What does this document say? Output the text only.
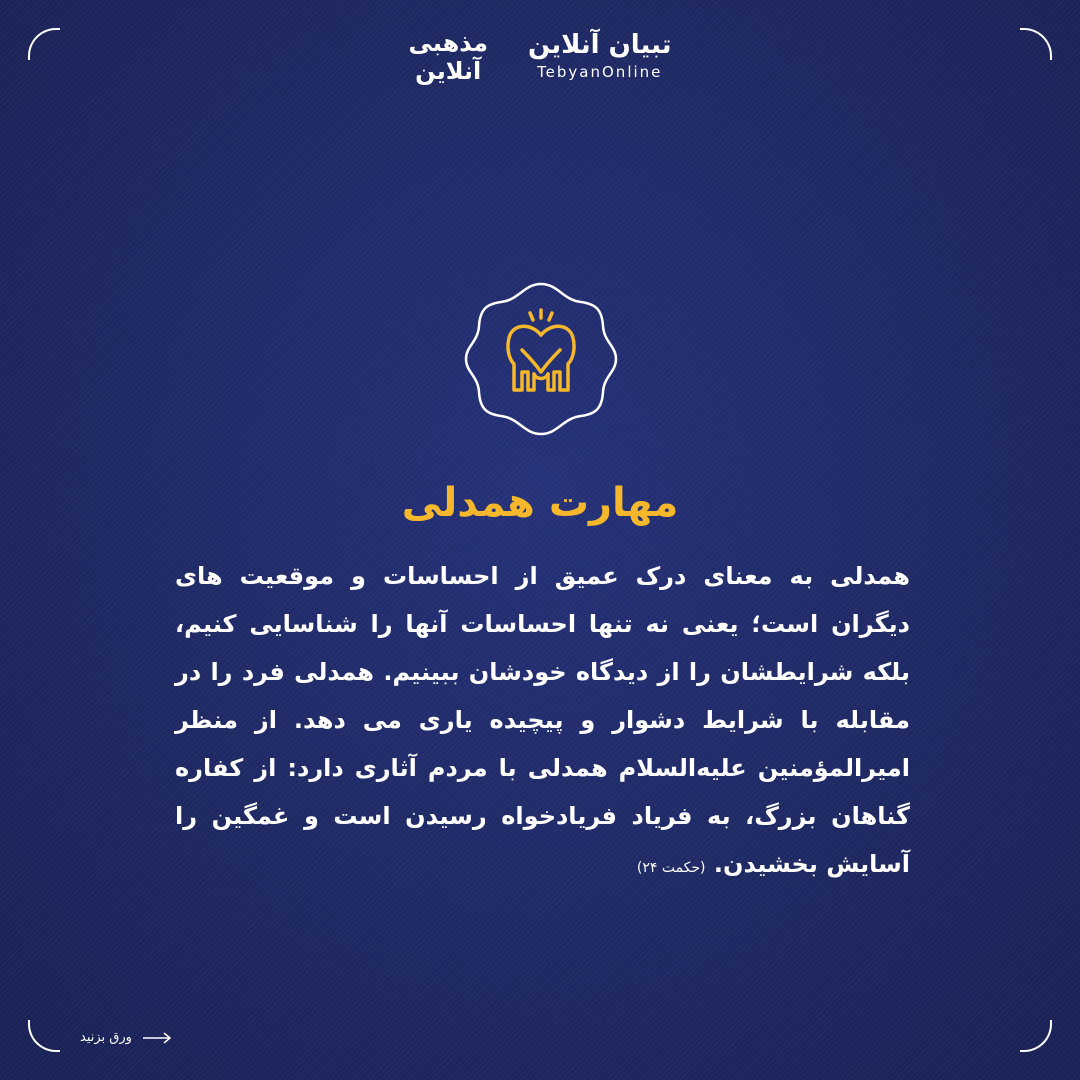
مذهبی
آنلاین
تبیان آنلاین
TebyanOnline
مهارت همدلی
همدلی به معنای درک عمیق از احساسات و موقعیت های دیگران است؛ یعنی نه تنها احساسات آنها را شناسایی کنیم، بلکه شرایطشان را از دیدگاه خودشان ببینیم. همدلی فرد را در مقابله با شرایط دشوار و پیچیده یاری می دهد. از منظر امیرالمؤمنین علیه‌السلام همدلی با مردم آثاری دارد: از کفاره گناهان بزرگ، به فریاد فریادخواه رسیدن است و غمگین را آسایش بخشیدن. (حکمت ۲۴)
ورق بزنید
